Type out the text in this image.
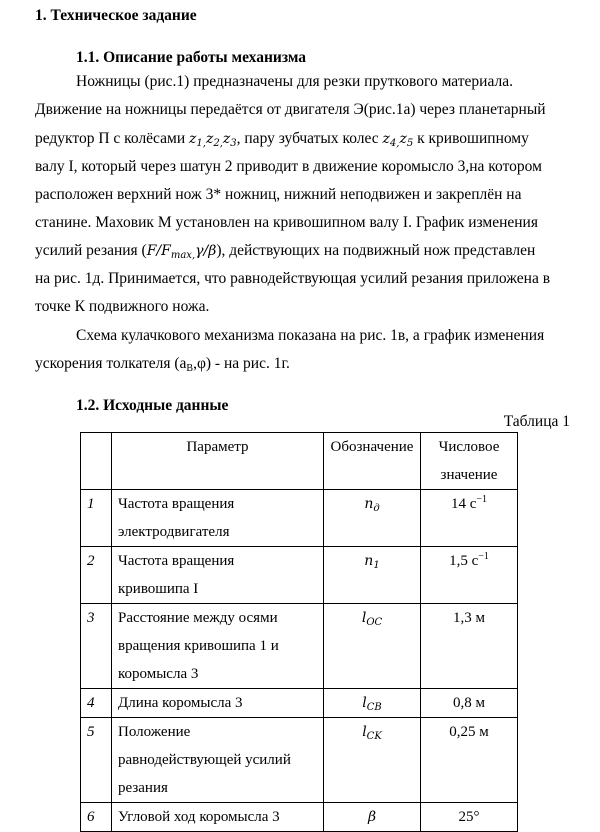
1. Техническое задание
1.1. Описание работы механизма
Ножницы (рис.1) предназначены для резки пруткового материала.
Движение на ножницы передаётся от двигателя Э(рис.1а) через планетарный
редуктор П с колёсами $z_{1,}z_{2,}z_3$, пару зубчатых колес $z_{4,}z_5$ к кривошипному
валу I, который через шатун 2 приводит в движение коромысло 3,на котором
расположен верхний нож 3* ножниц, нижний неподвижен и закреплён на
станине. Маховик М установлен на кривошипном валу I. График изменения
усилий резания $(F/F_{max,}\gamma/\beta)$, действующих на подвижный нож представлен
на рис. 1д. Принимается, что равнодействующая усилий резания приложена в
точке К подвижного ножа.
Схема кулачкового механизма показана на рис. 1в, а график изменения
ускорения толкателя $(а_В,\varphi)$ - на рис. 1г.
1.2. Исходные данные
Таблица 1
	Параметр	Обозначение	Числовое
значение

1	Частота вращения
электродвигателя	$n_д$	14 $с^{-1}$
2	Частота вращения
кривошипа I	$n_1$	1,5 $с^{-1}$
3	Расстояние между осями
вращения кривошипа 1 и
коромысла 3	$l_{OC}$	1,3 м
4	Длина коромысла 3	$l_{CB}$	0,8 м
5	Положение
равнодействующей усилий
резания	$l_{CK}$	0,25 м
6	Угловой ход коромысла 3	β	25°
